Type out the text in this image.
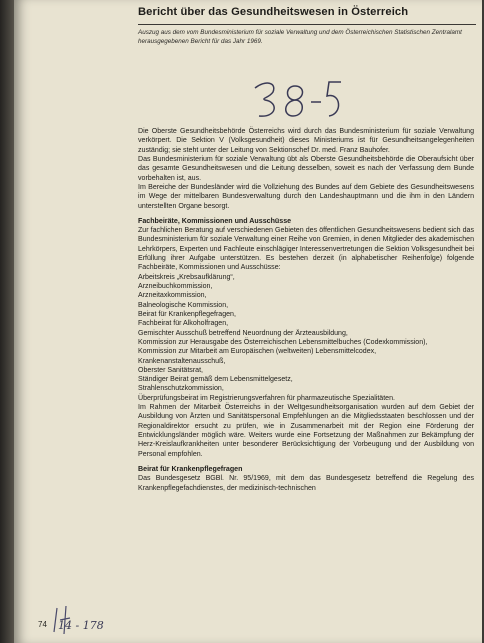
Bericht über das Gesundheitswesen in Österreich
Auszug aus dem vom Bundesministerium für soziale Verwaltung und dem Österreichischen Statistischen Zentralamt herausgegebenen Bericht für das Jahr 1969.

Die Oberste Gesundheitsbehörde Österreichs wird durch das Bundesministerium für soziale Verwaltung verkörpert. Die Sektion V (Volksgesundheit) dieses Ministeriums ist für Gesundheitsangelegenheiten zuständig; sie steht unter der Leitung von Sektionschef Dr. med. Franz Bauhofer.

Das Bundesministerium für soziale Verwaltung übt als Oberste Gesundheitsbehörde die Oberaufsicht über das gesamte Gesundheitswesen und die Leitung desselben, soweit es nach der Verfassung dem Bunde vorbehalten ist, aus.

Im Bereiche der Bundesländer wird die Vollziehung des Bundes auf dem Gebiete des Gesundheitswesens im Wege der mittelbaren Bundesverwaltung durch den Landeshauptmann und die ihm in den Ländern unterstellten Organe besorgt.

Fachbeiräte, Kommissionen und Ausschüsse

Zur fachlichen Beratung auf verschiedenen Gebieten des öffentlichen Gesundheitswesens bedient sich das Bundesministerium für soziale Verwaltung einer Reihe von Gremien, in denen Mitglieder des akademischen Lehrkörpers, Experten und Fachleute einschlägiger Interessenvertretungen die Sektion Volksgesundheit bei Erfüllung ihrer Aufgabe unterstützen. Es bestehen derzeit (in alphabetischer Reihenfolge) folgende Fachbeiräte, Kommissionen und Ausschüsse:

Arbeitskreis „Krebsaufklärung“,
Arzneibuchkommission,
Arzneitaxkommission,
Balneologische Kommission,
Beirat für Krankenpflegefragen,
Fachbeirat für Alkoholfragen,
Gemischter Ausschuß betreffend Neuordnung der Ärzteausbildung,
Kommission zur Herausgabe des Österreichischen Lebensmittelbuches (Codexkommission),
Kommission zur Mitarbeit am Europäischen (weltweiten) Lebensmittelcodex,
Krankenanstaltenausschuß,
Oberster Sanitätsrat,
Ständiger Beirat gemäß dem Lebensmittelgesetz,
Strahlenschutzkommission,
Überprüfungsbeirat im Registrierungsverfahren für pharmazeutische Spezialitäten.

Im Rahmen der Mitarbeit Österreichs in der Weltgesundheitsorganisation wurden auf dem Gebiet der Ausbildung von Ärzten und Sanitätspersonal Empfehlungen an die Mitgliedsstaaten beschlossen und der Regionaldirektor ersucht zu prüfen, wie in Zusammenarbeit mit der Region eine Förderung der Entwicklungsländer möglich wäre. Weiters wurde eine Fortsetzung der Maßnahmen zur Bekämpfung der Herz-Kreislaufkrankheiten unter besonderer Berücksichtigung der Vorbeugung und der Ausbildung von Personal empfohlen.

Beirat für Krankenpflegefragen

Das Bundesgesetz BGBl. Nr. 95/1969, mit dem das Bundesgesetz betreffend die Regelung des Krankenpflegefachdienstes, der medizinisch-technischen

74 14 - 178
